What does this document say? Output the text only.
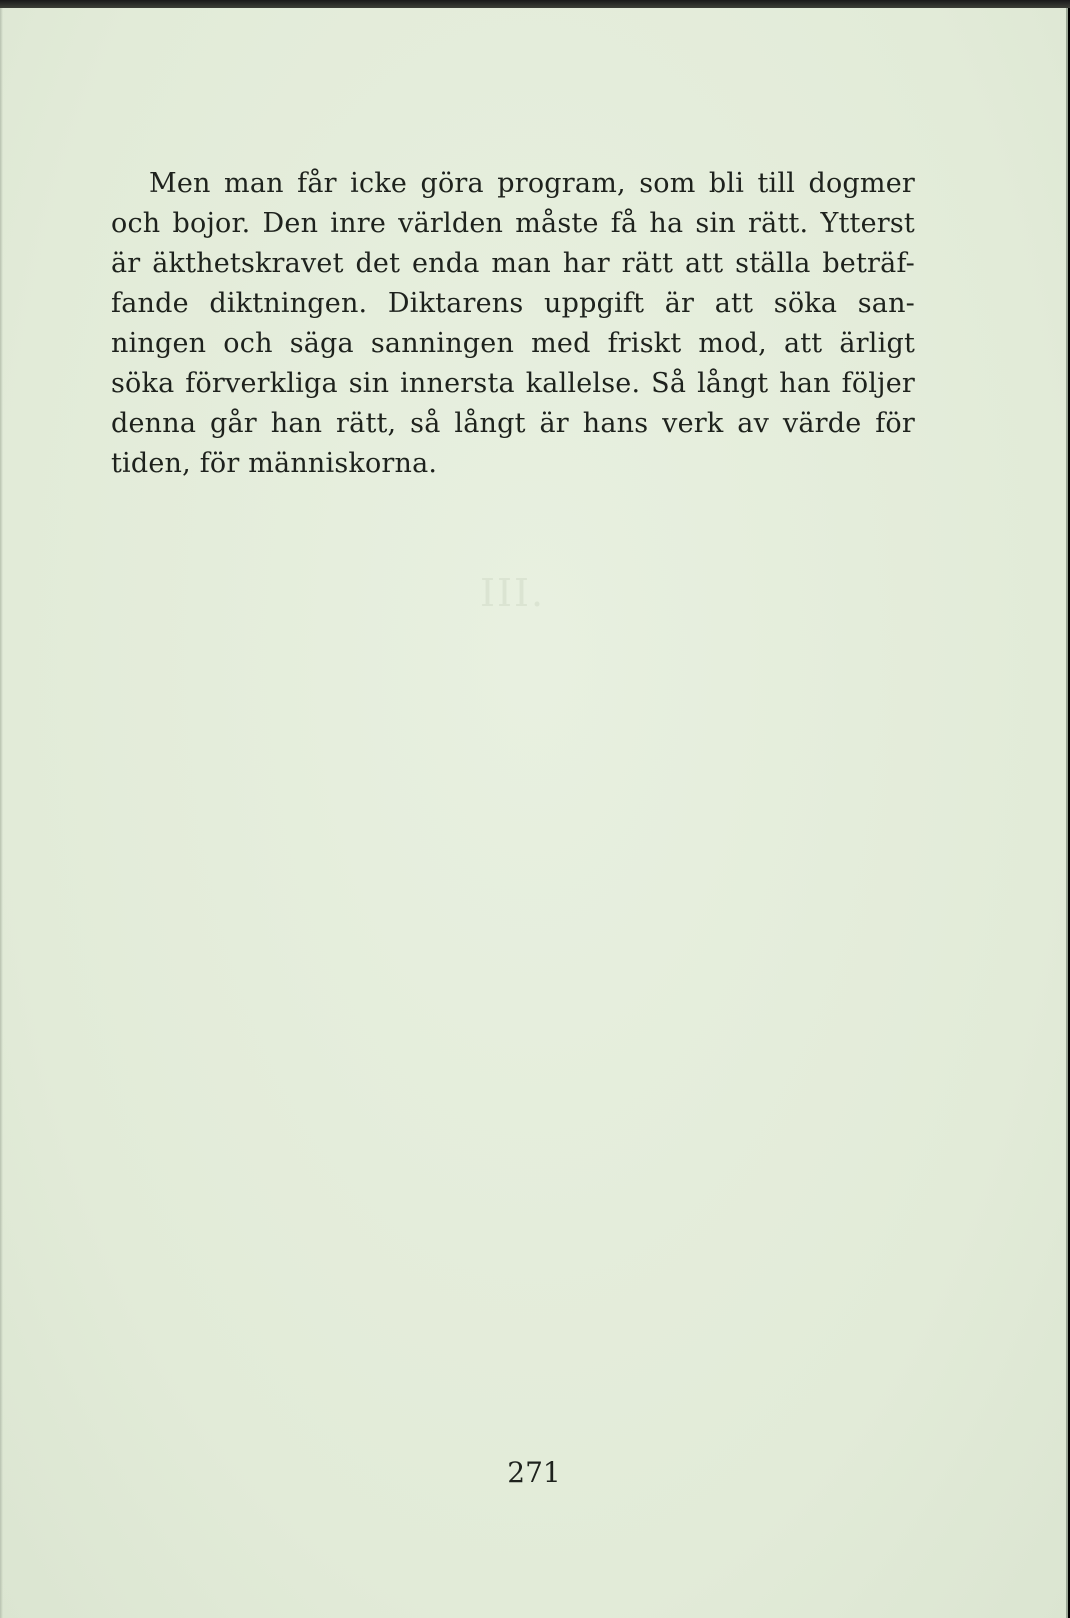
Men man får icke göra program, som bli till dogmer
och bojor. Den inre världen måste få ha sin rätt. Ytterst
är äkthetskravet det enda man har rätt att ställa beträf-
fande diktningen. Diktarens uppgift är att söka san-
ningen och säga sanningen med friskt mod, att ärligt
söka förverkliga sin innersta kallelse. Så långt han följer
denna går han rätt, så långt är hans verk av värde för
tiden, för människorna.
III.
271
